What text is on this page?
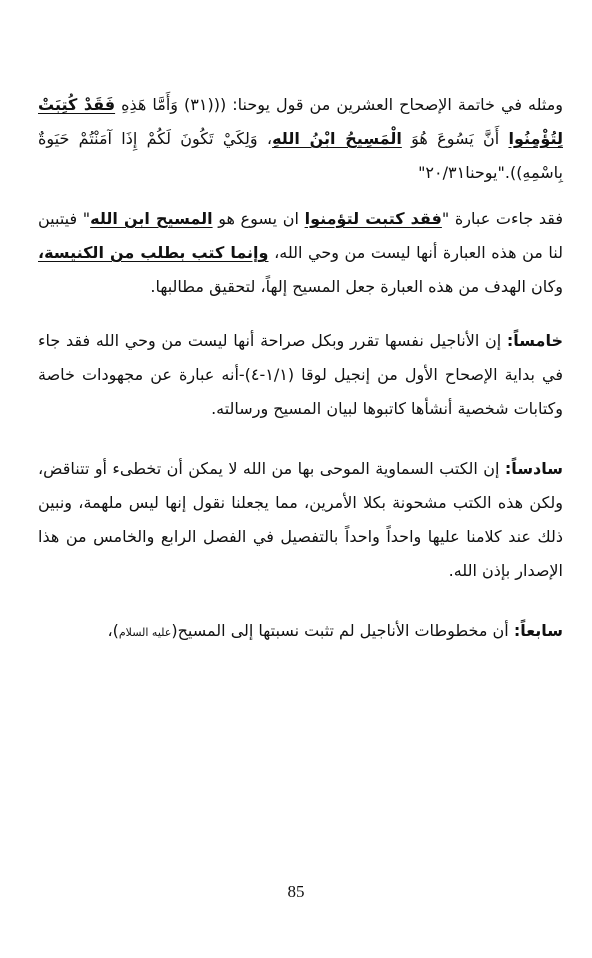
ومثله في خاتمة الإصحاح العشرين من قول يوحنا: (((٣١) وَأَمَّا هَذِهِ فَقَدْ كُتِبَتْ لِتُؤْمِنُوا أَنَّ يَسُوعَ هُوَ الْمَسِيحُ ابْنُ اللهِ، وَلِكَيْ تَكُونَ لَكُمْ إِذَا آمَنْتُمْ حَيَوةٌ بِاسْمِهِ))."يوحنا٢٠/٣١"

فقد جاءت عبارة "فقد كتبت لتؤمنوا ان يسوع هو المسيح ابن الله" فيتبين لنا من هذه العبارة أنها ليست من وحي الله، وإنما كتب بطلب من الكنيسة، وكان الهدف من هذه العبارة جعل المسيح إلهاً، لتحقيق مطالبها.

خامساً: إن الأناجيل نفسها تقرر وبكل صراحة أنها ليست من وحي الله فقد جاء في بداية الإصحاح الأول من إنجيل لوقا (١/١-٤)-أنه عبارة عن مجهودات خاصة وكتابات شخصية أنشأها كاتبوها لبيان المسيح ورسالته.

سادساً: إن الكتب السماوية الموحى بها من الله لا يمكن أن تخطىء أو تتناقض، ولكن هذه الكتب مشحونة بكلا الأمرين، مما يجعلنا نقول إنها ليس ملهمة، ونبين ذلك عند كلامنا عليها واحداً واحداً بالتفصيل في الفصل الرابع والخامس من هذا الإصدار بإذن الله.

سابعاً: أن مخطوطات الأناجيل لم تثبت نسبتها إلى المسيح(عليه السلام)،

85
